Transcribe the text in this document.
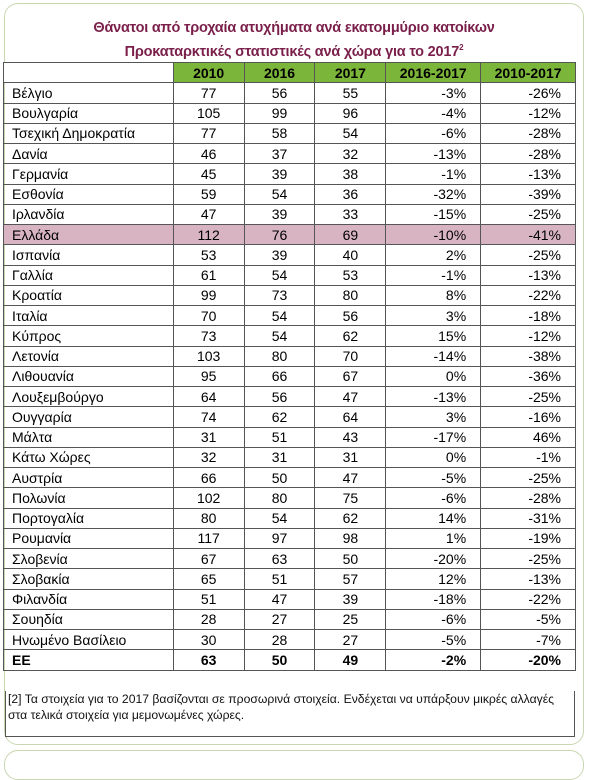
Θάνατοι από τροχαία ατυχήματα ανά εκατομμύριο κατοίκων
Προκαταρκτικές στατιστικές ανά χώρα για το 2017$^2$
	2010	2016	2017	2016-2017	2010-2017
Βέλγιο	77	56	55	-3%	-26%
Βουλγαρία	105	99	96	-4%	-12%
Τσεχική Δημοκρατία	77	58	54	-6%	-28%
Δανία	46	37	32	-13%	-28%
Γερμανία	45	39	38	-1%	-13%
Εσθονία	59	54	36	-32%	-39%
Ιρλανδία	47	39	33	-15%	-25%
Ελλάδα	112	76	69	-10%	-41%
Ισπανία	53	39	40	2%	-25%
Γαλλία	61	54	53	-1%	-13%
Κροατία	99	73	80	8%	-22%
Ιταλία	70	54	56	3%	-18%
Κύπρος	73	54	62	15%	-12%
Λετονία	103	80	70	-14%	-38%
Λιθουανία	95	66	67	0%	-36%
Λουξεμβούργο	64	56	47	-13%	-25%
Ουγγαρία	74	62	64	3%	-16%
Μάλτα	31	51	43	-17%	46%
Κάτω Χώρες	32	31	31	0%	-1%
Αυστρία	66	50	47	-5%	-25%
Πολωνία	102	80	75	-6%	-28%
Πορτογαλία	80	54	62	14%	-31%
Ρουμανία	117	97	98	1%	-19%
Σλοβενία	67	63	50	-20%	-25%
Σλοβακία	65	51	57	12%	-13%
Φιλανδία	51	47	39	-18%	-22%
Σουηδία	28	27	25	-6%	-5%
Ηνωμένο Βασίλειο	30	28	27	-5%	-7%
ΕΕ	63	50	49	-2%	-20%
[2] Τα στοιχεία για το 2017 βασίζονται σε προσωρινά στοιχεία. Ενδέχεται να υπάρξουν μικρές αλλαγές στα τελικά στοιχεία για μεμονωμένες χώρες.
